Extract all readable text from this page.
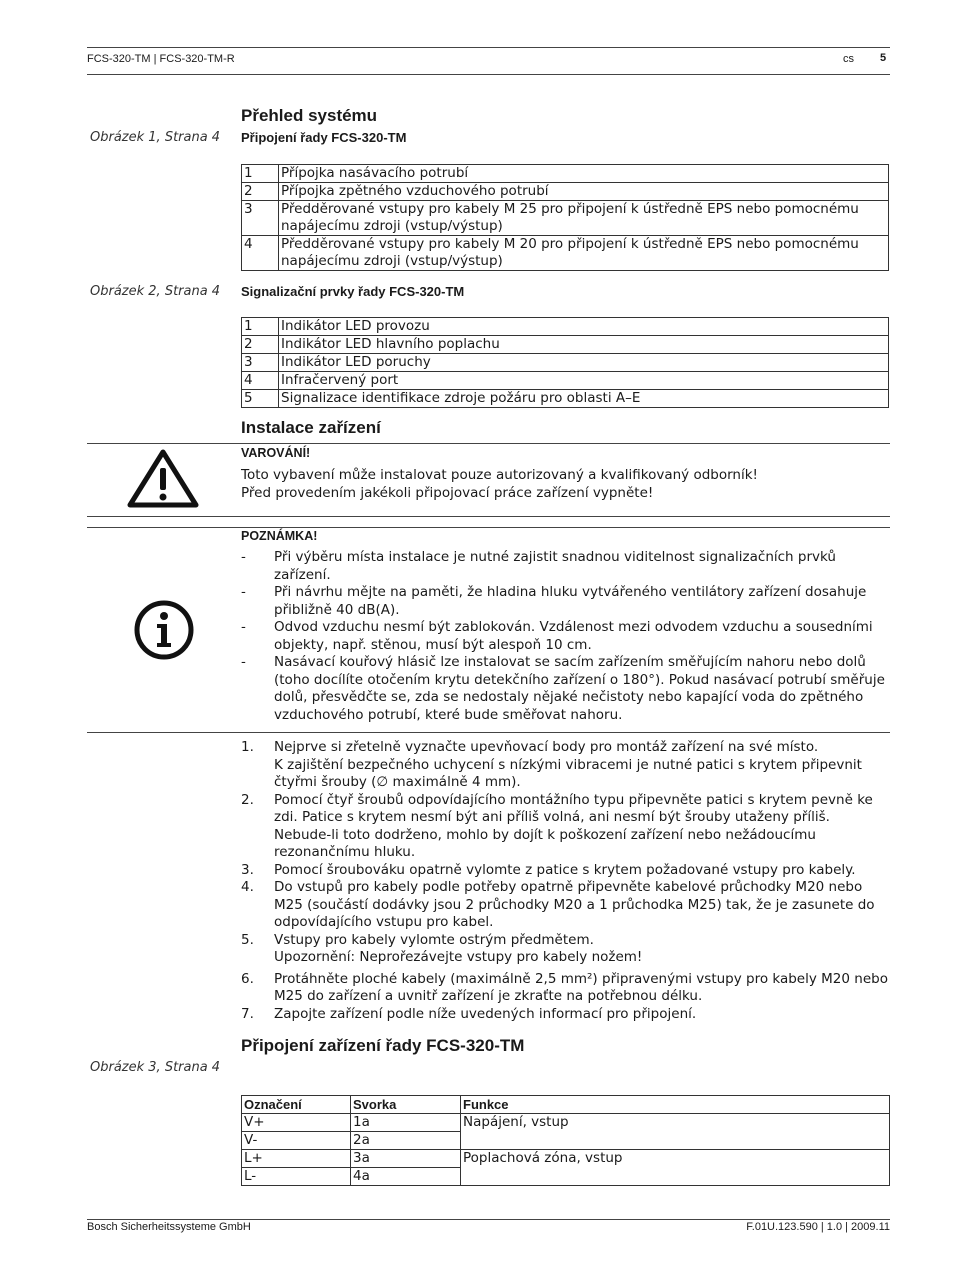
FCS-320-TM | FCS-320-TM-R	cs 5
Přehled systému
Obrázek 1, Strana 4 Připojení řady FCS-320-TM
1	Přípojka nasávacího potrubí
2	Přípojka zpětného vzduchového potrubí
3	Předděrované vstupy pro kabely M 25 pro připojení k ústředně EPS nebo pomocnému napájecímu zdroji (vstup/výstup)
4	Předděrované vstupy pro kabely M 20 pro připojení k ústředně EPS nebo pomocnému napájecímu zdroji (vstup/výstup)
Obrázek 2, Strana 4 Signalizační prvky řady FCS-320-TM
1	Indikátor LED provozu
2	Indikátor LED hlavního poplachu
3	Indikátor LED poruchy
4	Infračervený port
5	Signalizace identifikace zdroje požáru pro oblasti A–E
Instalace zařízení
VAROVÁNÍ!
Toto vybavení může instalovat pouze autorizovaný a kvalifikovaný odborník!
Před provedením jakékoli připojovací práce zařízení vypněte!
POZNÁMKA!
- Při výběru místa instalace je nutné zajistit snadnou viditelnost signalizačních prvků zařízení.
- Při návrhu mějte na paměti, že hladina hluku vytvářeného ventilátory zařízení dosahuje přibližně 40 dB(A).
- Odvod vzduchu nesmí být zablokován. Vzdálenost mezi odvodem vzduchu a sousedními objekty, např. stěnou, musí být alespoň 10 cm.
- Nasávací kouřový hlásič lze instalovat se sacím zařízením směřujícím nahoru nebo dolů (toho docílíte otočením krytu detekčního zařízení o 180°). Pokud nasávací potrubí směřuje dolů, přesvědčte se, zda se nedostaly nějaké nečistoty nebo kapající voda do zpětného vzduchového potrubí, které bude směřovat nahoru.
1. Nejprve si zřetelně vyznačte upevňovací body pro montáž zařízení na své místo.
K zajištění bezpečného uchycení s nízkými vibracemi je nutné patici s krytem připevnit čtyřmi šrouby (∅ maximálně 4 mm).
2. Pomocí čtyř šroubů odpovídajícího montážního typu připevněte patici s krytem pevně ke zdi. Patice s krytem nesmí být ani příliš volná, ani nesmí být šrouby utaženy příliš. Nebude-li toto dodrženo, mohlo by dojít k poškození zařízení nebo nežádoucímu rezonančnímu hluku.
3. Pomocí šroubováku opatrně vylomte z patice s krytem požadované vstupy pro kabely.
4. Do vstupů pro kabely podle potřeby opatrně připevněte kabelové průchodky M20 nebo M25 (součástí dodávky jsou 2 průchodky M20 a 1 průchodka M25) tak, že je zasunete do odpovídajícího vstupu pro kabel.
5. Vstupy pro kabely vylomte ostrým předmětem.
Upozornění: Neprořezávejte vstupy pro kabely nožem!
6. Protáhněte ploché kabely (maximálně 2,5 mm²) připravenými vstupy pro kabely M20 nebo M25 do zařízení a uvnitř zařízení je zkraťte na potřebnou délku.
7. Zapojte zařízení podle níže uvedených informací pro připojení.
Připojení zařízení řady FCS-320-TM
Obrázek 3, Strana 4
Označení	Svorka	Funkce
V+	1a	Napájení, vstup
V-	2a	
L+	3a	Poplachová zóna, vstup
L-	4a	
Bosch Sicherheitssysteme GmbH	F.01U.123.590 | 1.0 | 2009.11
